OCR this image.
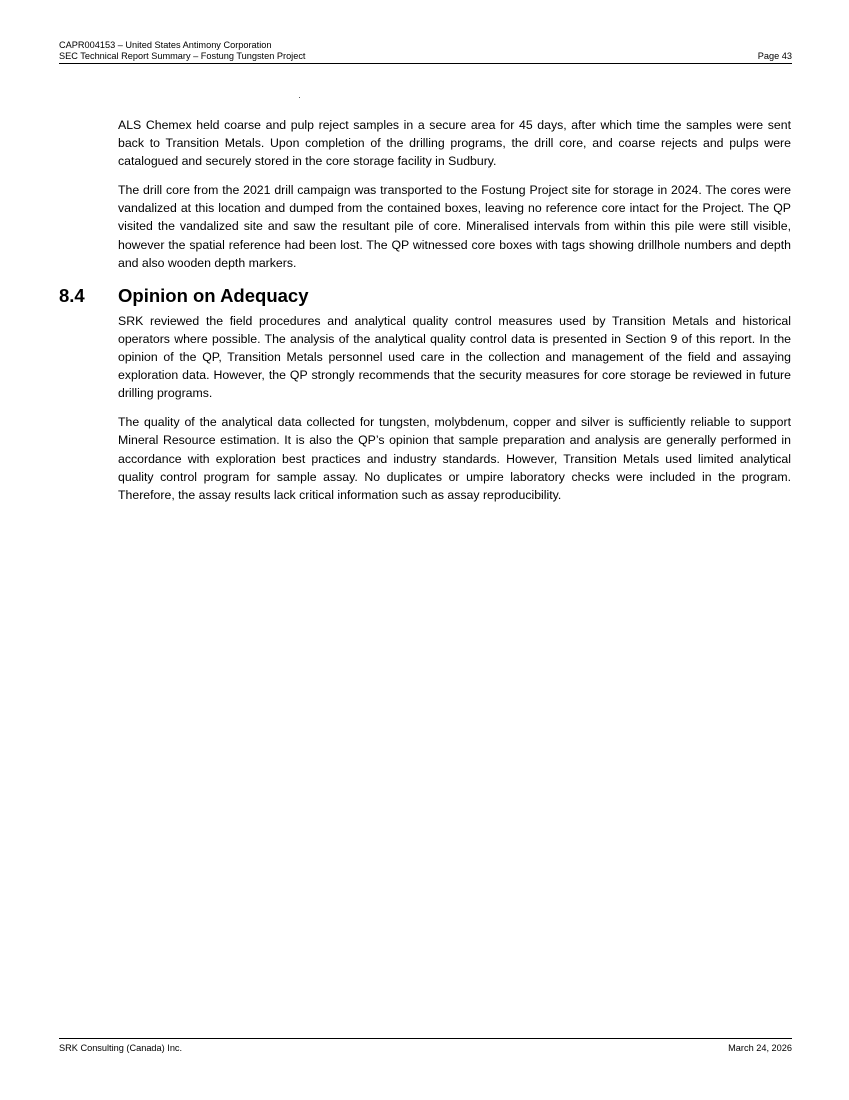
CAPR004153 – United States Antimony Corporation
SEC Technical Report Summary – Fostung Tungsten Project	Page 43

ALS Chemex held coarse and pulp reject samples in a secure area for 45 days, after which time the samples were sent back to Transition Metals. Upon completion of the drilling programs, the drill core, and coarse rejects and pulps were catalogued and securely stored in the core storage facility in Sudbury.

The drill core from the 2021 drill campaign was transported to the Fostung Project site for storage in 2024. The cores were vandalized at this location and dumped from the contained boxes, leaving no reference core intact for the Project. The QP visited the vandalized site and saw the resultant pile of core. Mineralised intervals from within this pile were still visible, however the spatial reference had been lost. The QP witnessed core boxes with tags showing drillhole numbers and depth and also wooden depth markers.

8.4 Opinion on Adequacy

SRK reviewed the field procedures and analytical quality control measures used by Transition Metals and historical operators where possible. The analysis of the analytical quality control data is presented in Section 9 of this report. In the opinion of the QP, Transition Metals personnel used care in the collection and management of the field and assaying exploration data. However, the QP strongly recommends that the security measures for core storage be reviewed in future drilling programs.

The quality of the analytical data collected for tungsten, molybdenum, copper and silver is sufficiently reliable to support Mineral Resource estimation. It is also the QP’s opinion that sample preparation and analysis are generally performed in accordance with exploration best practices and industry standards. However, Transition Metals used limited analytical quality control program for sample assay. No duplicates or umpire laboratory checks were included in the program. Therefore, the assay results lack critical information such as assay reproducibility.

SRK Consulting (Canada) Inc.	March 24, 2026
